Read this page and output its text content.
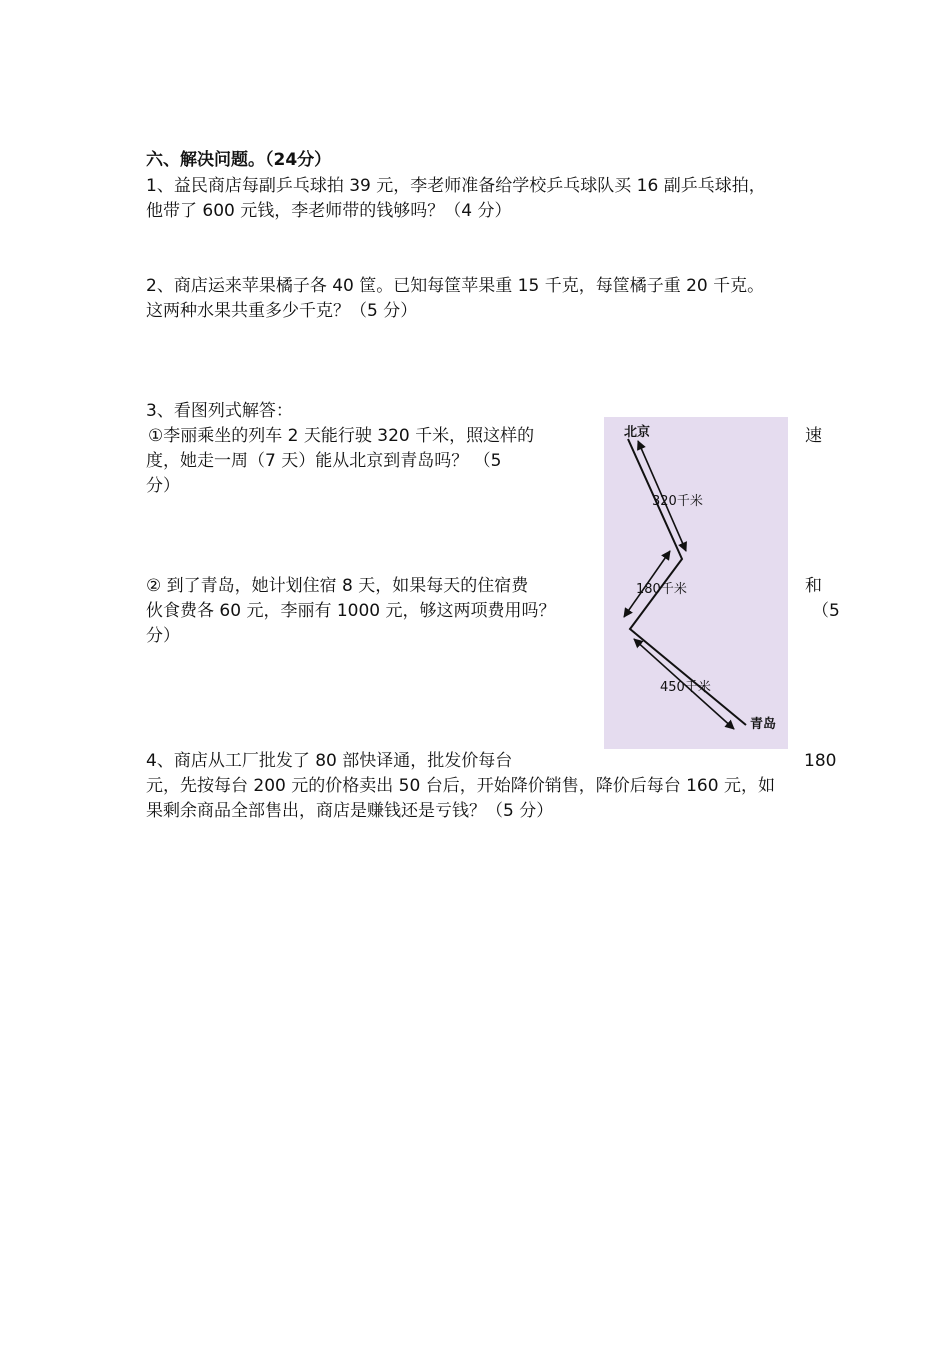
六、解决问题。（24分）
1、益民商店每副乒乓球拍 39 元，李老师准备给学校乒乓球队买 16 副乒乓球拍，
他带了 600 元钱，李老师带的钱够吗？（4 分）
2、商店运来苹果橘子各 40 筐。已知每筐苹果重 15 千克，每筐橘子重 20 千克。
这两种水果共重多少千克？（5 分）
3、看图列式解答：
①李丽乘坐的列车 2 天能行驶 320 千米，照这样的	速
度，她走一周（7 天）能从北京到青岛吗？ （5
分）
② 到了青岛，她计划住宿 8 天，如果每天的住宿费	和
伙食费各 60 元，李丽有 1000 元，够这两项费用吗？	（5
分）
北京
320千米
180千米
450千米
青岛
4、商店从工厂批发了 80 部快译通，批发价每台	180
元，先按每台 200 元的价格卖出 50 台后，开始降价销售，降价后每台 160 元，如
果剩余商品全部售出，商店是赚钱还是亏钱？（5 分）
